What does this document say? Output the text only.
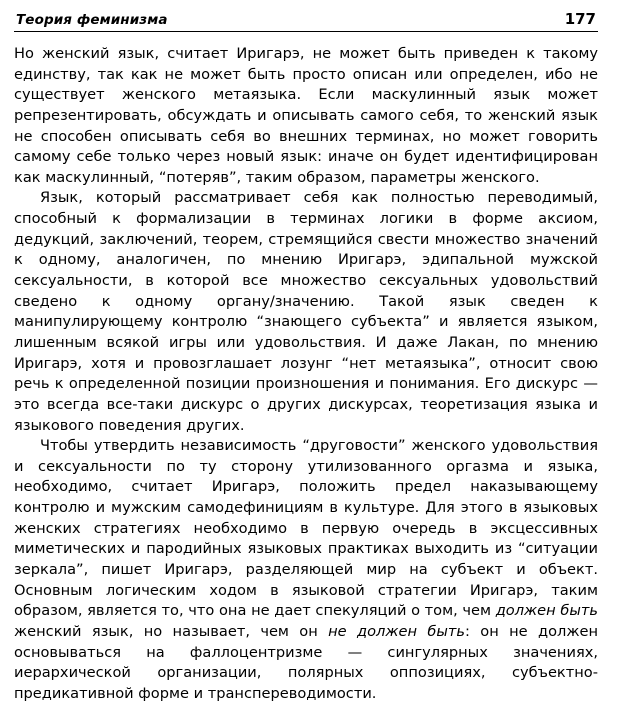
Теория феминизма	177

Но женский язык, считает Иригарэ, не может быть приведен к такому единству, так как не может быть просто описан или определен, ибо не существует женского метаязыка. Если маскулинный язык может репрезентировать, обсуждать и описывать самого себя, то женский язык не способен описывать себя во внешних терминах, но может говорить самому себе только через новый язык: иначе он будет идентифицирован как маскулинный, “потеряв”, таким образом, параметры женского.

Язык, который рассматривает себя как полностью переводимый, способный к формализации в терминах логики в форме аксиом, дедукций, заключений, теорем, стремящийся свести множество значений к одному, аналогичен, по мнению Иригарэ, эдипальной мужской сексуальности, в которой все множество сексуальных удовольствий сведено к одному органу/значению. Такой язык сведен к манипулирующему контролю “знающего субъекта” и является языком, лишенным всякой игры или удовольствия. И даже Лакан, по мнению Иригарэ, хотя и провозглашает лозунг “нет метаязыка”, относит свою речь к определенной позиции произношения и понимания. Его дискурс — это всегда все-таки дискурс о других дискурсах, теоретизация языка и языкового поведения других.

Чтобы утвердить независимость “друговости” женского удовольствия и сексуальности по ту сторону утилизованного оргазма и языка, необходимо, считает Иригарэ, положить предел наказывающему контролю и мужским самодефинициям в культуре. Для этого в языковых женских стратегиях необходимо в первую очередь в эксцессивных миметических и пародийных языковых практиках выходить из “ситуации зеркала”, пишет Иригарэ, разделяющей мир на субъект и объект. Основным логическим ходом в языковой стратегии Иригарэ, таким образом, является то, что она не дает спекуляций о том, чем должен быть женский язык, но называет, чем он не должен быть: он не должен основываться на фаллоцентризме — сингулярных значениях, иерархической организации, полярных оппозициях, субъектно-предикативной форме и транспереводимости.
